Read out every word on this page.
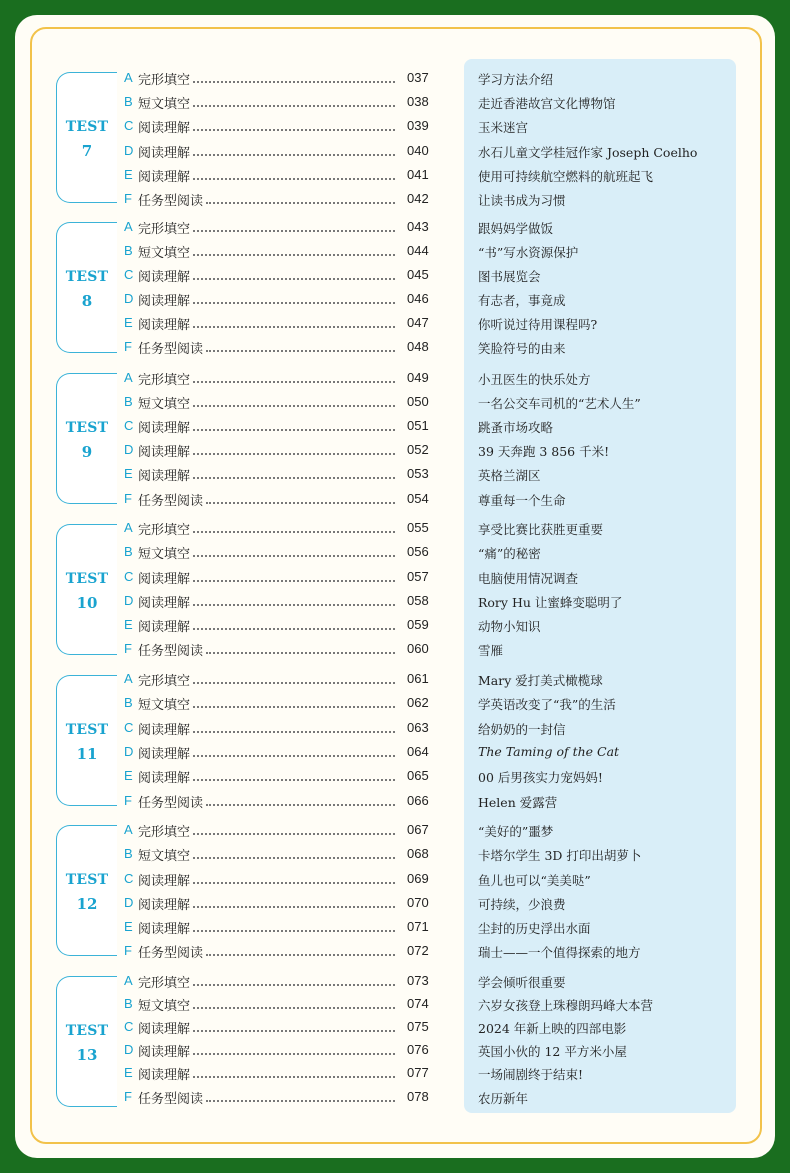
TEST
7
A 完形填空	037	学习方法介绍
B 短文填空	038	走近香港故宫文化博物馆
C 阅读理解	039	玉米迷宫
D 阅读理解	040	水石儿童文学桂冠作家 Joseph Coelho
E 阅读理解	041	使用可持续航空燃料的航班起飞
F 任务型阅读	042	让读书成为习惯
TEST
8
A 完形填空	043	跟妈妈学做饭
B 短文填空	044	“书”写水资源保护
C 阅读理解	045	图书展览会
D 阅读理解	046	有志者，事竟成
E 阅读理解	047	你听说过待用课程吗?
F 任务型阅读	048	笑脸符号的由来
TEST
9
A 完形填空	049	小丑医生的快乐处方
B 短文填空	050	一名公交车司机的“艺术人生”
C 阅读理解	051	跳蚤市场攻略
D 阅读理解	052	39 天奔跑 3 856 千米!
E 阅读理解	053	英格兰湖区
F 任务型阅读	054	尊重每一个生命
TEST
10
A 完形填空	055	享受比赛比获胜更重要
B 短文填空	056	“痛”的秘密
C 阅读理解	057	电脑使用情况调查
D 阅读理解	058	Rory Hu 让蜜蜂变聪明了
E 阅读理解	059	动物小知识
F 任务型阅读	060	雪雁
TEST
11
A 完形填空	061	Mary 爱打美式橄榄球
B 短文填空	062	学英语改变了“我”的生活
C 阅读理解	063	给奶奶的一封信
D 阅读理解	064	The Taming of the Cat
E 阅读理解	065	00 后男孩实力宠妈妈!
F 任务型阅读	066	Helen 爱露营
TEST
12
A 完形填空	067	“美好的”噩梦
B 短文填空	068	卡塔尔学生 3D 打印出胡萝卜
C 阅读理解	069	鱼儿也可以“美美哒”
D 阅读理解	070	可持续，少浪费
E 阅读理解	071	尘封的历史浮出水面
F 任务型阅读	072	瑞士——一个值得探索的地方
TEST
13
A 完形填空	073	学会倾听很重要
B 短文填空	074	六岁女孩登上珠穆朗玛峰大本营
C 阅读理解	075	2024 年新上映的四部电影
D 阅读理解	076	英国小伙的 12 平方米小屋
E 阅读理解	077	一场闹剧终于结束!
F 任务型阅读	078	农历新年
